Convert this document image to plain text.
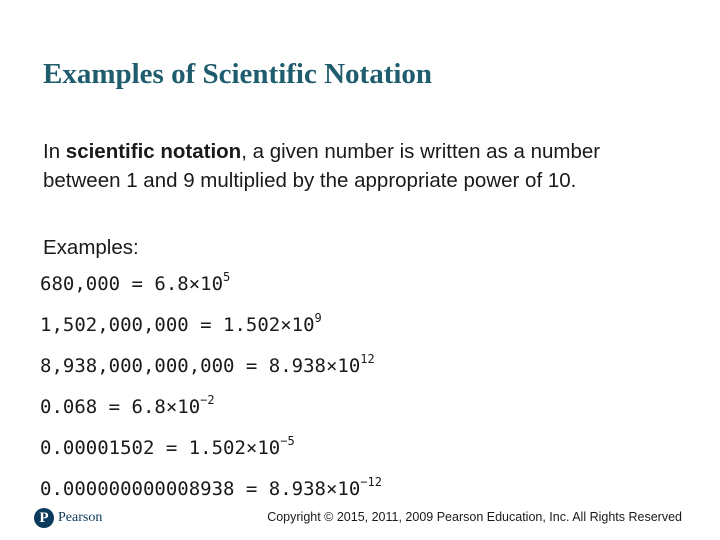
Examples of Scientific Notation
In scientific notation, a given number is written as a number between 1 and 9 multiplied by the appropriate power of 10.
Examples:
$680,000 = 6.8\times 10^5$
$1,502,000,000 = 1.502\times 10^9$
$8,938,000,000,000 = 8.938\times 10^{12}$
$0.068 = 6.8\times 10^{-2}$
$0.00001502 = 1.502\times 10^{-5}$
$0.000000000008938 = 8.938\times 10^{-12}$
P Pearson	Copyright © 2015, 2011, 2009 Pearson Education, Inc. All Rights Reserved
